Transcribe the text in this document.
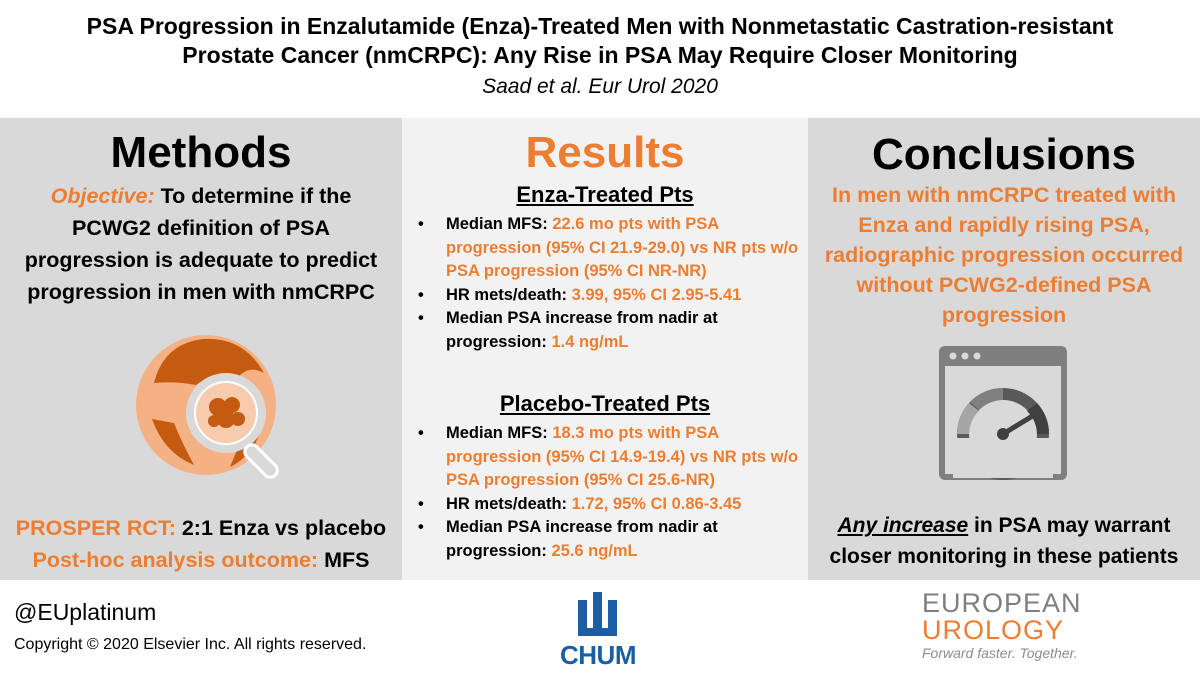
PSA Progression in Enzalutamide (Enza)-Treated Men with Nonmetastatic Castration-resistant
Prostate Cancer (nmCRPC): Any Rise in PSA May Require Closer Monitoring
Saad et al. Eur Urol 2020
Methods
Objective: To determine if the PCWG2 definition of PSA progression is adequate to predict progression in men with nmCRPC
PROSPER RCT: 2:1 Enza vs placebo
Post-hoc analysis outcome: MFS
Results
Enza-Treated Pts
• Median MFS: 22.6 mo pts with PSA progression (95% CI 21.9-29.0) vs NR pts w/o PSA progression (95% CI NR-NR)
• HR mets/death: 3.99, 95% CI 2.95-5.41
• Median PSA increase from nadir at progression: 1.4 ng/mL
Placebo-Treated Pts
• Median MFS: 18.3 mo pts with PSA progression (95% CI 14.9-19.4) vs NR pts w/o PSA progression (95% CI 25.6-NR)
• HR mets/death: 1.72, 95% CI 0.86-3.45
• Median PSA increase from nadir at progression: 25.6 ng/mL
Conclusions
In men with nmCRPC treated with Enza and rapidly rising PSA, radiographic progression occurred without PCWG2-defined PSA progression
Any increase in PSA may warrant closer monitoring in these patients
@EUplatinum
Copyright © 2020 Elsevier Inc. All rights reserved.	CHUM
EUROPEAN
UROLOGY
Forward faster. Together.
